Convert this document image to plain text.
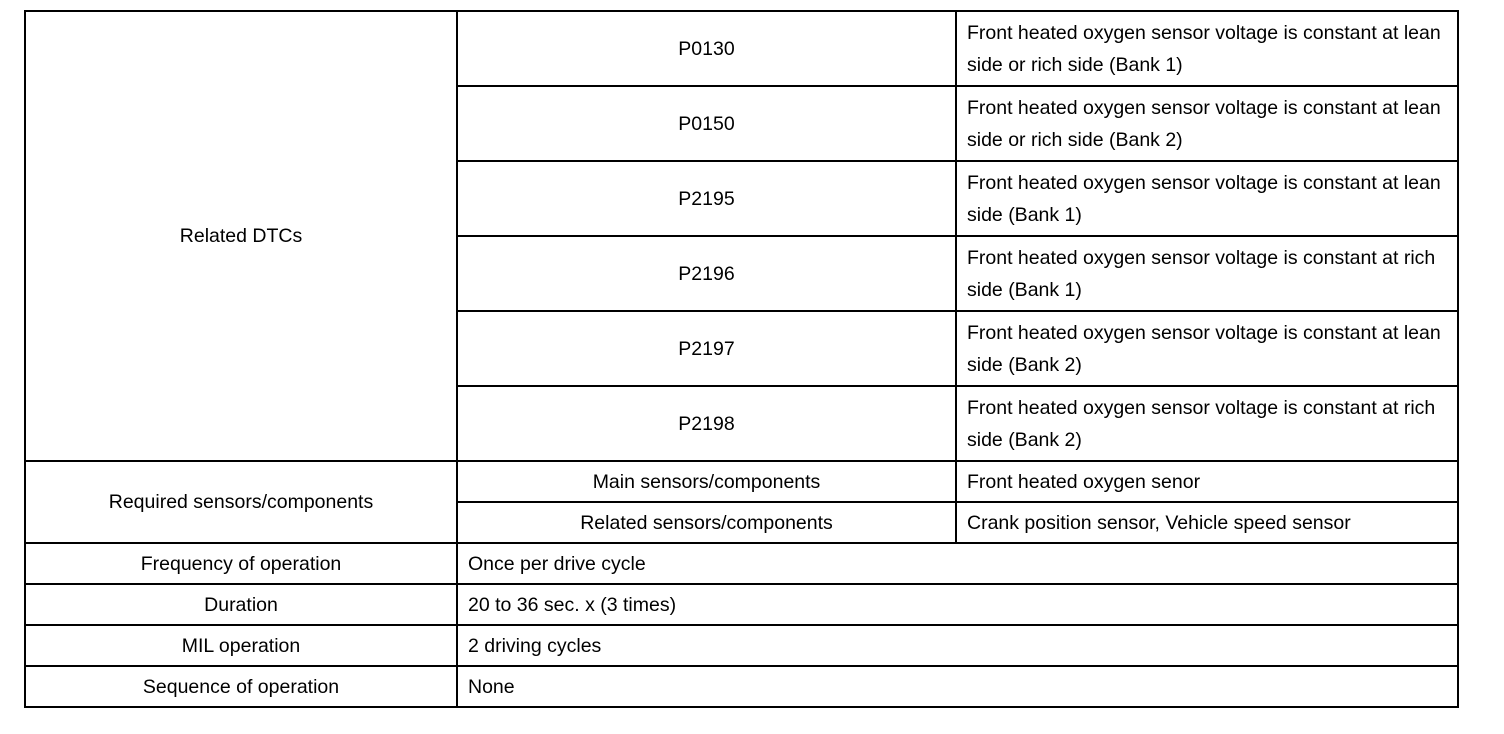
Related DTCs	P0130	Front heated oxygen sensor voltage is constant at lean side or rich side (Bank 1)
	P0150	Front heated oxygen sensor voltage is constant at lean side or rich side (Bank 2)
	P2195	Front heated oxygen sensor voltage is constant at lean side (Bank 1)
	P2196	Front heated oxygen sensor voltage is constant at rich side (Bank 1)
	P2197	Front heated oxygen sensor voltage is constant at lean side (Bank 2)
	P2198	Front heated oxygen sensor voltage is constant at rich side (Bank 2)
Required sensors/components	Main sensors/components	Front heated oxygen senor
	Related sensors/components	Crank position sensor, Vehicle speed sensor
Frequency of operation	Once per drive cycle	
Duration	20 to 36 sec. x (3 times)	
MIL operation	2 driving cycles	
Sequence of operation	None	
